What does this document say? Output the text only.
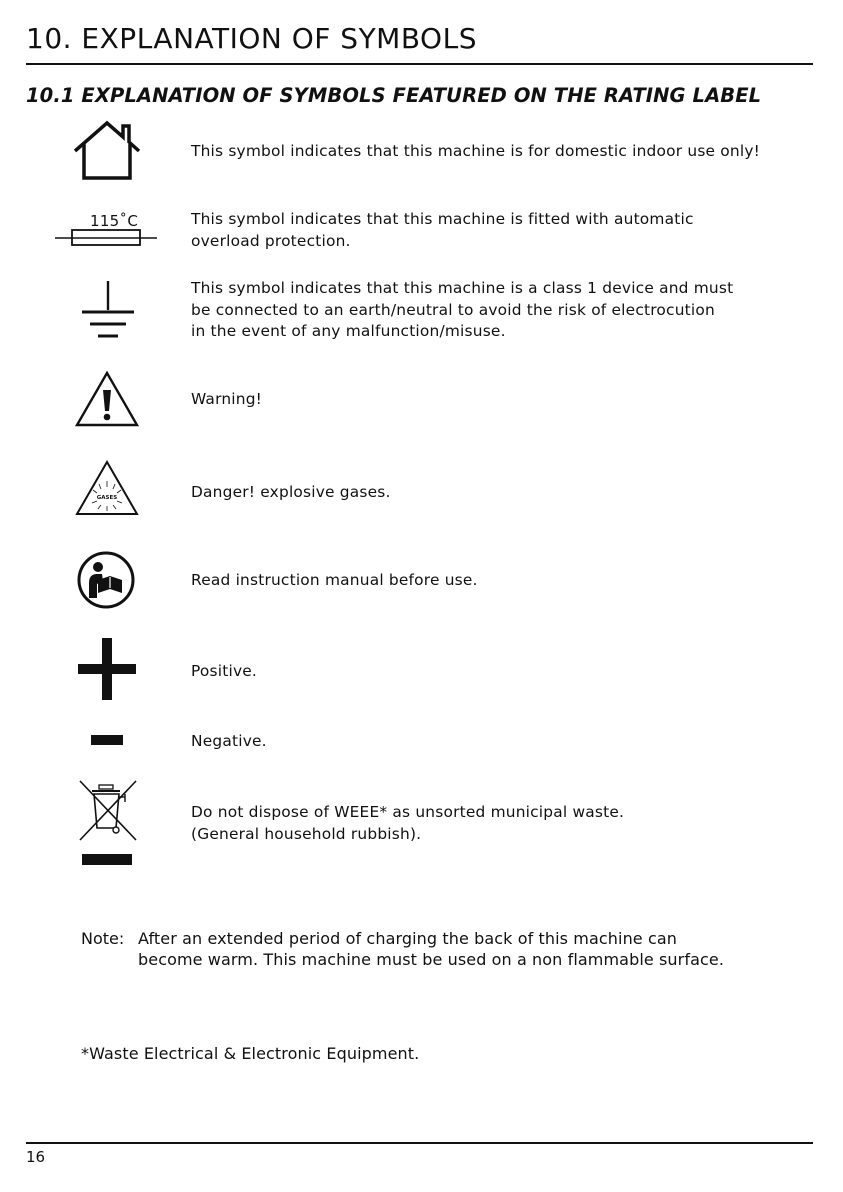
10. EXPLANATION OF SYMBOLS
10.1 EXPLANATION OF SYMBOLS FEATURED ON THE RATING LABEL
This symbol indicates that this machine is for domestic indoor use only!
115˚C	This symbol indicates that this machine is fitted with automatic
overload protection.
This symbol indicates that this machine is a class 1 device and must
be connected to an earth/neutral to avoid the risk of electrocution
in the event of any malfunction/misuse.
Warning!
GASES	Danger! explosive gases.
Read instruction manual before use.
Positive.
Negative.
Do not dispose of WEEE* as unsorted municipal waste.
(General household rubbish).
Note: After an extended period of charging the back of this machine can
become warm. This machine must be used on a non flammable surface.
*Waste Electrical & Electronic Equipment.
16
